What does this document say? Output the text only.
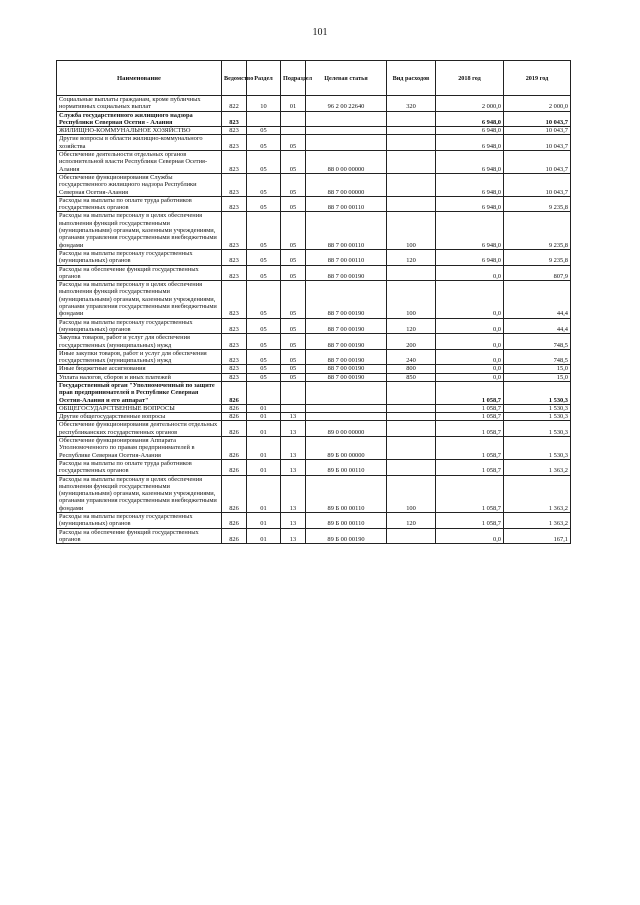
101
Наименование	Ведомство	Раздел	Подраздел	Целевая статья	Вид расходов	2018 год	2019 год
Социальные выплаты гражданам, кроме публичных нормативных социальных выплат	822	10	01	96 2 00 22640	320	2 000,0	2 000,0
Служба государственного жилищного надзора Республики Северная Осетия - Алания	823					6 948,0	10 043,7
ЖИЛИЩНО-КОММУНАЛЬНОЕ ХОЗЯЙСТВО	823	05				6 948,0	10 043,7
Другие вопросы в области жилищно-коммунального хозяйства	823	05	05			6 948,0	10 043,7
Обеспечение деятельности отдельных органов исполнительной власти Республики Северная Осетия-Алания	823	05	05	88 0 00 00000		6 948,0	10 043,7
Обеспечение функционирования Службы государственного жилищного надзора Республики Северная Осетия-Алания	823	05	05	88 7 00 00000		6 948,0	10 043,7
Расходы на выплаты по оплате труда работников государственных органов	823	05	05	88 7 00 00110		6 948,0	9 235,8
Расходы на выплаты персоналу в целях обеспечения выполнения функций государственными (муниципальными) органами, казенными учреждениями, органами управления государственными внебюджетными фондами	823	05	05	88 7 00 00110	100	6 948,0	9 235,8
Расходы на выплаты персоналу государственных (муниципальных) органов	823	05	05	88 7 00 00110	120	6 948,0	9 235,8
Расходы на обеспечение функций государственных органов	823	05	05	88 7 00 00190		0,0	807,9
Расходы на выплаты персоналу в целях обеспечения выполнения функций государственными (муниципальными) органами, казенными учреждениями, органами управления государственными внебюджетными фондами	823	05	05	88 7 00 00190	100	0,0	44,4
Расходы на выплаты персоналу государственных (муниципальных) органов	823	05	05	88 7 00 00190	120	0,0	44,4
Закупка товаров, работ и услуг для обеспечения государственных (муниципальных) нужд	823	05	05	88 7 00 00190	200	0,0	748,5
Иные закупки товаров, работ и услуг для обеспечения государственных (муниципальных) нужд	823	05	05	88 7 00 00190	240	0,0	748,5
Иные бюджетные ассигнования	823	05	05	88 7 00 00190	800	0,0	15,0
Уплата налогов, сборов и иных платежей	823	05	05	88 7 00 00190	850	0,0	15,0
Государственный орган "Уполномоченный по защите прав предпринимателей в Республике Северная Осетия-Алания и его аппарат"	826					1 058,7	1 530,3
ОБЩЕГОСУДАРСТВЕННЫЕ ВОПРОСЫ	826	01				1 058,7	1 530,3
Другие общегосударственные вопросы	826	01	13			1 058,7	1 530,3
Обеспечение функционирования деятельности отдельных республиканских государственных органов	826	01	13	89 0 00 00000		1 058,7	1 530,3
Обеспечение функционирования Аппарата Уполномоченного по правам предпринимателей в Республике Северная Осетия-Алания	826	01	13	89 Б 00 00000		1 058,7	1 530,3
Расходы на выплаты по оплате труда работников государственных органов	826	01	13	89 Б 00 00110		1 058,7	1 363,2
Расходы на выплаты персоналу в целях обеспечения выполнения функций государственными (муниципальными) органами, казенными учреждениями, органами управления государственными внебюджетными фондами	826	01	13	89 Б 00 00110	100	1 058,7	1 363,2
Расходы на выплаты персоналу государственных (муниципальных) органов	826	01	13	89 Б 00 00110	120	1 058,7	1 363,2
Расходы на обеспечение функций государственных органов	826	01	13	89 Б 00 00190		0,0	167,1
